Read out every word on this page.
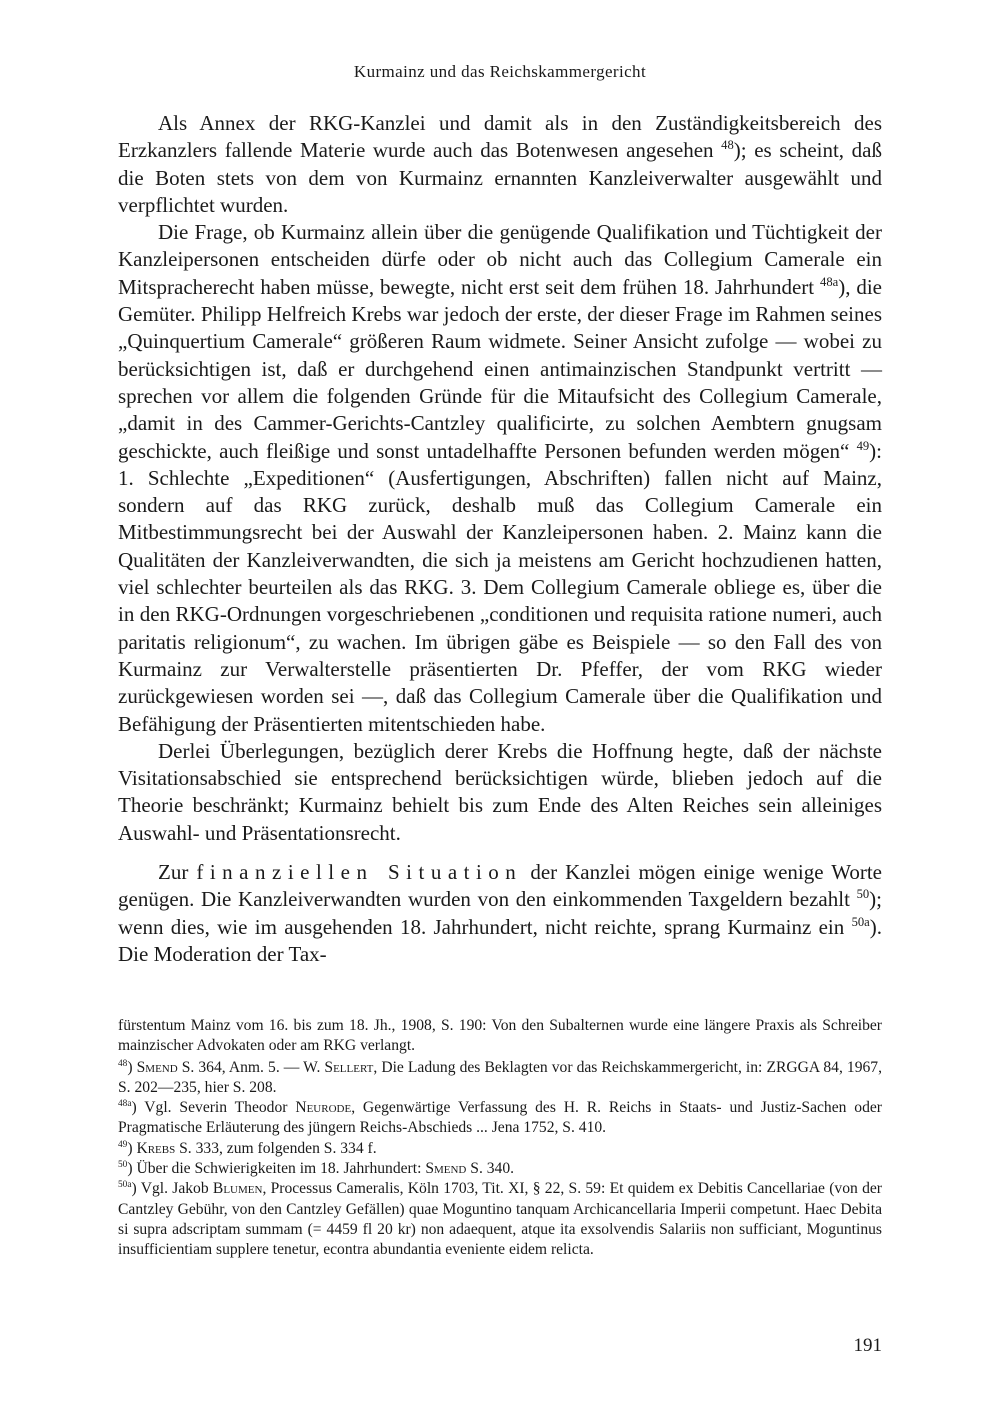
Kurmainz und das Reichskammergericht

Als Annex der RKG-Kanzlei und damit als in den Zuständigkeitsbereich des Erzkanzlers fallende Materie wurde auch das Botenwesen angesehen $^{48}$); es scheint, daß die Boten stets von dem von Kurmainz ernannten Kanzleiverwalter ausgewählt und verpflichtet wurden.

Die Frage, ob Kurmainz allein über die genügende Qualifikation und Tüchtigkeit der Kanzleipersonen entscheiden dürfe oder ob nicht auch das Collegium Camerale ein Mitspracherecht haben müsse, bewegte, nicht erst seit dem frühen 18. Jahrhundert $^{48a}$), die Gemüter. Philipp Helfreich Krebs war jedoch der erste, der dieser Frage im Rahmen seines „Quinquertium Camerale“ größeren Raum widmete. Seiner Ansicht zufolge — wobei zu berücksichtigen ist, daß er durchgehend einen antimainzischen Standpunkt vertritt — sprechen vor allem die folgenden Gründe für die Mitaufsicht des Collegium Camerale, „damit in des Cammer-Gerichts-Cantzley qualificirte, zu solchen Aembtern gnugsam geschickte, auch fleißige und sonst untadelhaffte Personen befunden werden mögen“ $^{49}$): 1. Schlechte „Expeditionen“ (Ausfertigungen, Abschriften) fallen nicht auf Mainz, sondern auf das RKG zurück, deshalb muß das Collegium Camerale ein Mitbestimmungsrecht bei der Auswahl der Kanzleipersonen haben. 2. Mainz kann die Qualitäten der Kanzleiverwandten, die sich ja meistens am Gericht hochzudienen hatten, viel schlechter beurteilen als das RKG. 3. Dem Collegium Camerale obliege es, über die in den RKG-Ordnungen vorgeschriebenen „conditionen und requisita ratione numeri, auch paritatis religionum“, zu wachen. Im übrigen gäbe es Beispiele — so den Fall des von Kurmainz zur Verwalterstelle präsentierten Dr. Pfeffer, der vom RKG wieder zurückgewiesen worden sei —, daß das Collegium Camerale über die Qualifikation und Befähigung der Präsentierten mitentschieden habe.

Derlei Überlegungen, bezüglich derer Krebs die Hoffnung hegte, daß der nächste Visitationsabschied sie entsprechend berücksichtigen würde, blieben jedoch auf die Theorie beschränkt; Kurmainz behielt bis zum Ende des Alten Reiches sein alleiniges Auswahl- und Präsentationsrecht.

Zur finanziellen Situation der Kanzlei mögen einige wenige Worte genügen. Die Kanzleiverwandten wurden von den einkommenden Taxgeldern bezahlt $^{50}$); wenn dies, wie im ausgehenden 18. Jahrhundert, nicht reichte, sprang Kurmainz ein $^{50a}$). Die Moderation der Tax-

fürstentum Mainz vom 16. bis zum 18. Jh., 1908, S. 190: Von den Subalternen wurde eine längere Praxis als Schreiber mainzischer Advokaten oder am RKG verlangt.

$^{48}$) Smend S. 364, Anm. 5. — W. Sellert, Die Ladung des Beklagten vor das Reichskammergericht, in: ZRGGA 84, 1967, S. 202—235, hier S. 208.

$^{48a}$) Vgl. Severin Theodor Neurode, Gegenwärtige Verfassung des H. R. Reichs in Staats- und Justiz-Sachen oder Pragmatische Erläuterung des jüngern Reichs-Abschieds ... Jena 1752, S. 410.

$^{49}$) Krebs S. 333, zum folgenden S. 334 f.

$^{50}$) Über die Schwierigkeiten im 18. Jahrhundert: Smend S. 340.

$^{50a}$) Vgl. Jakob Blumen, Processus Cameralis, Köln 1703, Tit. XI, § 22, S. 59: Et quidem ex Debitis Cancellariae (von der Cantzley Gebühr, von den Cantzley Gefällen) quae Moguntino tanquam Archicancellaria Imperii competunt. Haec Debita si supra adscriptam summam (= 4459 fl 20 kr) non adaequent, atque ita exsolvendis Salariis non sufficiant, Moguntinus insufficientiam supplere tenetur, econtra abundantia eveniente eidem relicta.

191
